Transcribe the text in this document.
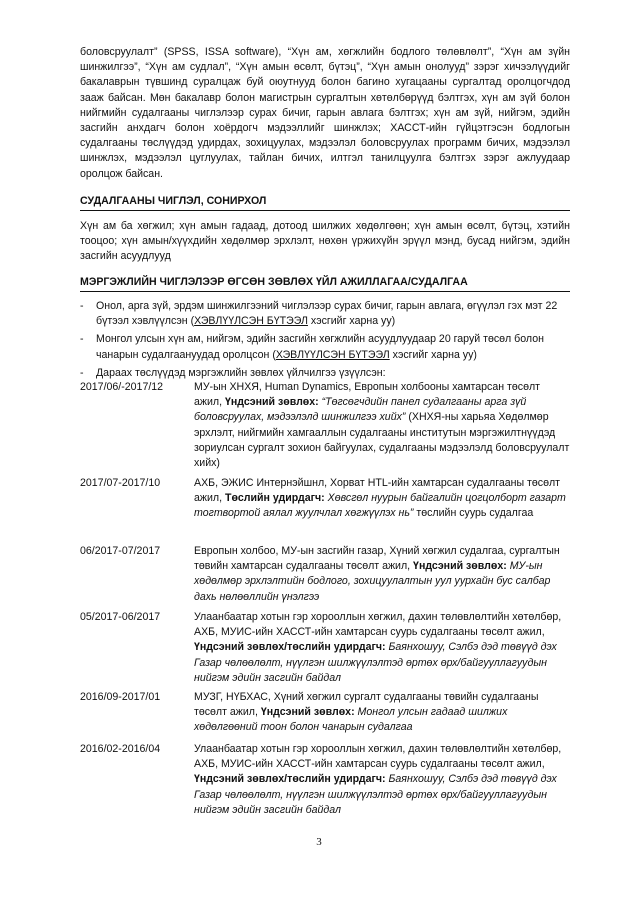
боловсруулалт” (SPSS, ISSA software), “Хүн ам, хөгжлийн бодлого төлөвлөлт”, “Хүн ам зүйн шинжилгээ”, “Хүн ам судлал”, “Хүн амын өсөлт, бүтэц”, “Хүн амын онолууд” зэрэг хичээлүүдийг бакалаврын түвшинд суралцаж буй оюутнууд болон багино хугацааны сургалтад оролцогчдод зааж байсан. Мөн бакалавр болон магистрын сургалтын хөтөлбөрүүд бэлтгэх, хүн ам зүй болон нийгмийн судалгааны чиглэлээр сурах бичиг, гарын авлага бэлтгэх; хүн ам зүй, нийгэм, эдийн засгийн анхдагч болон хоёрдогч мэдээллийг шинжлэх; ХАССТ-ийн гүйцэтгэсэн бодлогын судалгааны төслүүдэд удирдах, зохицуулах, мэдээлэл боловсруулах программ бичих, мэдээлэл шинжлэх, мэдээлэл цуглуулах, тайлан бичих, илтгэл танилцуулга бэлтгэх зэрэг ажлуудаар оролцож байсан.

СУДАЛГААНЫ ЧИГЛЭЛ, СОНИРХОЛ

Хүн ам ба хөгжил; хүн амын гадаад, дотоод шилжих хөдөлгөөн; хүн амын өсөлт, бүтэц, хэтийн тооцоо; хүн амын/хүүхдийн хөдөлмөр эрхлэлт, нөхөн үржихүйн эрүүл мэнд, бусад нийгэм, эдийн засгийн асуудлууд

МЭРГЭЖЛИЙН ЧИГЛЭЛЭЭР ӨГСӨН ЗӨВЛӨХ ҮЙЛ АЖИЛЛАГАА/СУДАЛГАА
- Онол, арга зүй, эрдэм шинжилгээний чиглэлээр сурах бичиг, гарын авлага, өгүүлэл гэх мэт 22 бүтээл хэвлүүлсэн (ХЭВЛҮҮЛСЭН БҮТЭЭЛ хэсгийг харна уу)
- Монгол улсын хүн ам, нийгэм, эдийн засгийн хөгжлийн асуудлуудаар 20 гаруй төсөл болон чанарын судалгаануудад оролцсон (ХЭВЛҮҮЛСЭН БҮТЭЭЛ хэсгийг харна уу)
- Дараах төслүүдэд мэргэжлийн зөвлөх үйлчилгээ үзүүлсэн:
2017/06/-2017/12	МУ-ын ХНХЯ, Human Dynamics, Европын холбооны хамтарсан төсөлт ажил, Үндсэний зөвлөх: “Төгсөгчдийн панел судалгааны арга зүй боловсруулах, мэдээлэлд шинжилгээ хийх” (ХНХЯ-ны харьяа Хөдөлмөр эрхлэлт, нийгмийн хамгааллын судалгааны институтын мэргэжилтнүүдэд зориулсан сургалт зохион байгуулах, судалгааны мэдээлэлд боловсруулалт хийх)
2017/07-2017/10	АХБ, ЭЖИС Интернэйшнл, Хорват HTL-ийн хамтарсан судалгааны төсөлт ажил, Төслийн удирдагч: Хөвсгөл нуурын байгалийн цогцолборт газарт тогтвортой аялал жуулчлал хөгжүүлэх нь” төслийн суурь судалгаа
06/2017-07/2017	Европын холбоо, МУ-ын засгийн газар, Хүний хөгжил судалгаа, сургалтын төвийн хамтарсан судалгааны төсөлт ажил, Үндсэний зөвлөх: МУ-ын хөдөлмөр эрхлэлтийн бодлого, зохицуулалтын уул уурхайн бус салбар дахь нөлөөллийн үнэлгээ
05/2017-06/2017	Улаанбаатар хотын гэр хорооллын хөгжил, дахин төлөвлөлтийн хөтөлбөр, АХБ, МУИС-ийн ХАССТ-ийн хамтарсан суурь судалгааны төсөлт ажил, Үндсэний зөвлөх/төслийн удирдагч: Баянхошуу, Сэлбэ дэд төвүүд дэх Газар чөлөөлөлт, нүүлгэн шилжүүлэлтэд өртөх өрх/байгууллагуудын нийгэм эдийн засгийн байдал
2016/09-2017/01	МУЗГ, НҮБХАС, Хүний хөгжил сургалт судалгааны төвийн судалгааны төсөлт ажил, Үндсэний зөвлөх: Монгол улсын гадаад шилжих хөдөлгөөний тоон болон чанарын судалгаа
2016/02-2016/04	Улаанбаатар хотын гэр хорооллын хөгжил, дахин төлөвлөлтийн хөтөлбөр, АХБ, МУИС-ийн ХАССТ-ийн хамтарсан суурь судалгааны төсөлт ажил, Үндсэний зөвлөх/төслийн удирдагч: Баянхошуу, Сэлбэ дэд төвүүд дэх Газар чөлөөлөлт, нүүлгэн шилжүүлэлтэд өртөх өрх/байгууллагуудын нийгэм эдийн засгийн байдал
3
